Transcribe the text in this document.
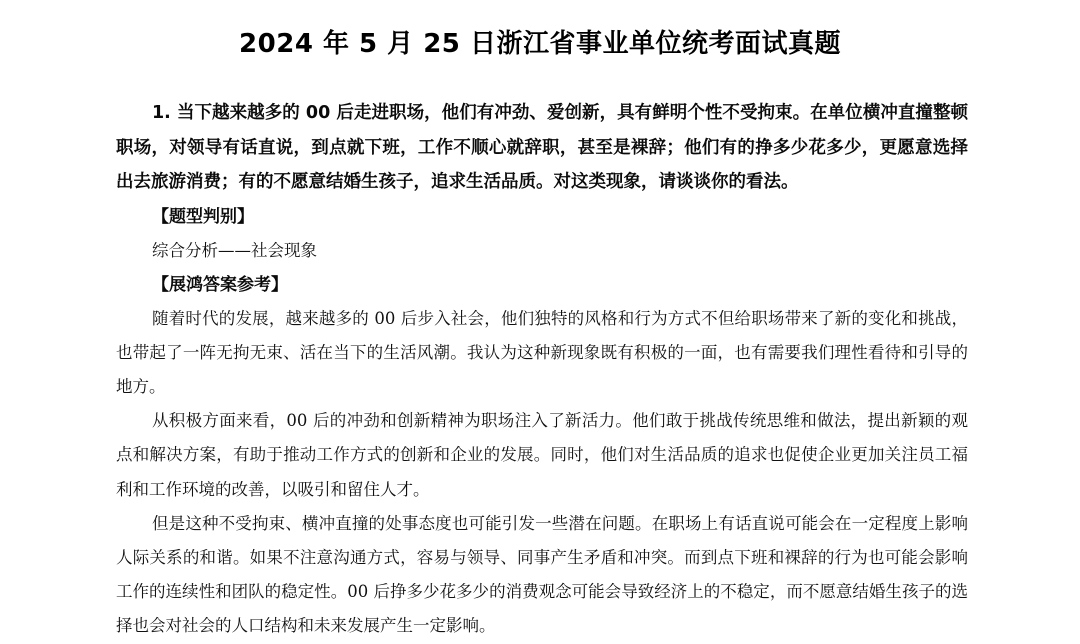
2024 年 5 月 25 日浙江省事业单位统考面试真题

1. 当下越来越多的 00 后走进职场，他们有冲劲、爱创新，具有鲜明个性不受拘束。在单位横冲直撞整顿职场，对领导有话直说，到点就下班，工作不顺心就辞职，甚至是裸辞；他们有的挣多少花多少，更愿意选择出去旅游消费；有的不愿意结婚生孩子，追求生活品质。对这类现象，请谈谈你的看法。

【题型判别】

综合分析——社会现象

【展鸿答案参考】

随着时代的发展，越来越多的 00 后步入社会，他们独特的风格和行为方式不但给职场带来了新的变化和挑战，也带起了一阵无拘无束、活在当下的生活风潮。我认为这种新现象既有积极的一面，也有需要我们理性看待和引导的地方。

从积极方面来看，00 后的冲劲和创新精神为职场注入了新活力。他们敢于挑战传统思维和做法，提出新颖的观点和解决方案，有助于推动工作方式的创新和企业的发展。同时，他们对生活品质的追求也促使企业更加关注员工福利和工作环境的改善，以吸引和留住人才。

但是这种不受拘束、横冲直撞的处事态度也可能引发一些潜在问题。在职场上有话直说可能会在一定程度上影响人际关系的和谐。如果不注意沟通方式，容易与领导、同事产生矛盾和冲突。而到点下班和裸辞的行为也可能会影响工作的连续性和团队的稳定性。00 后挣多少花多少的消费观念可能会导致经济上的不稳定，而不愿意结婚生孩子的选择也会对社会的人口结构和未来发展产生一定影响。
